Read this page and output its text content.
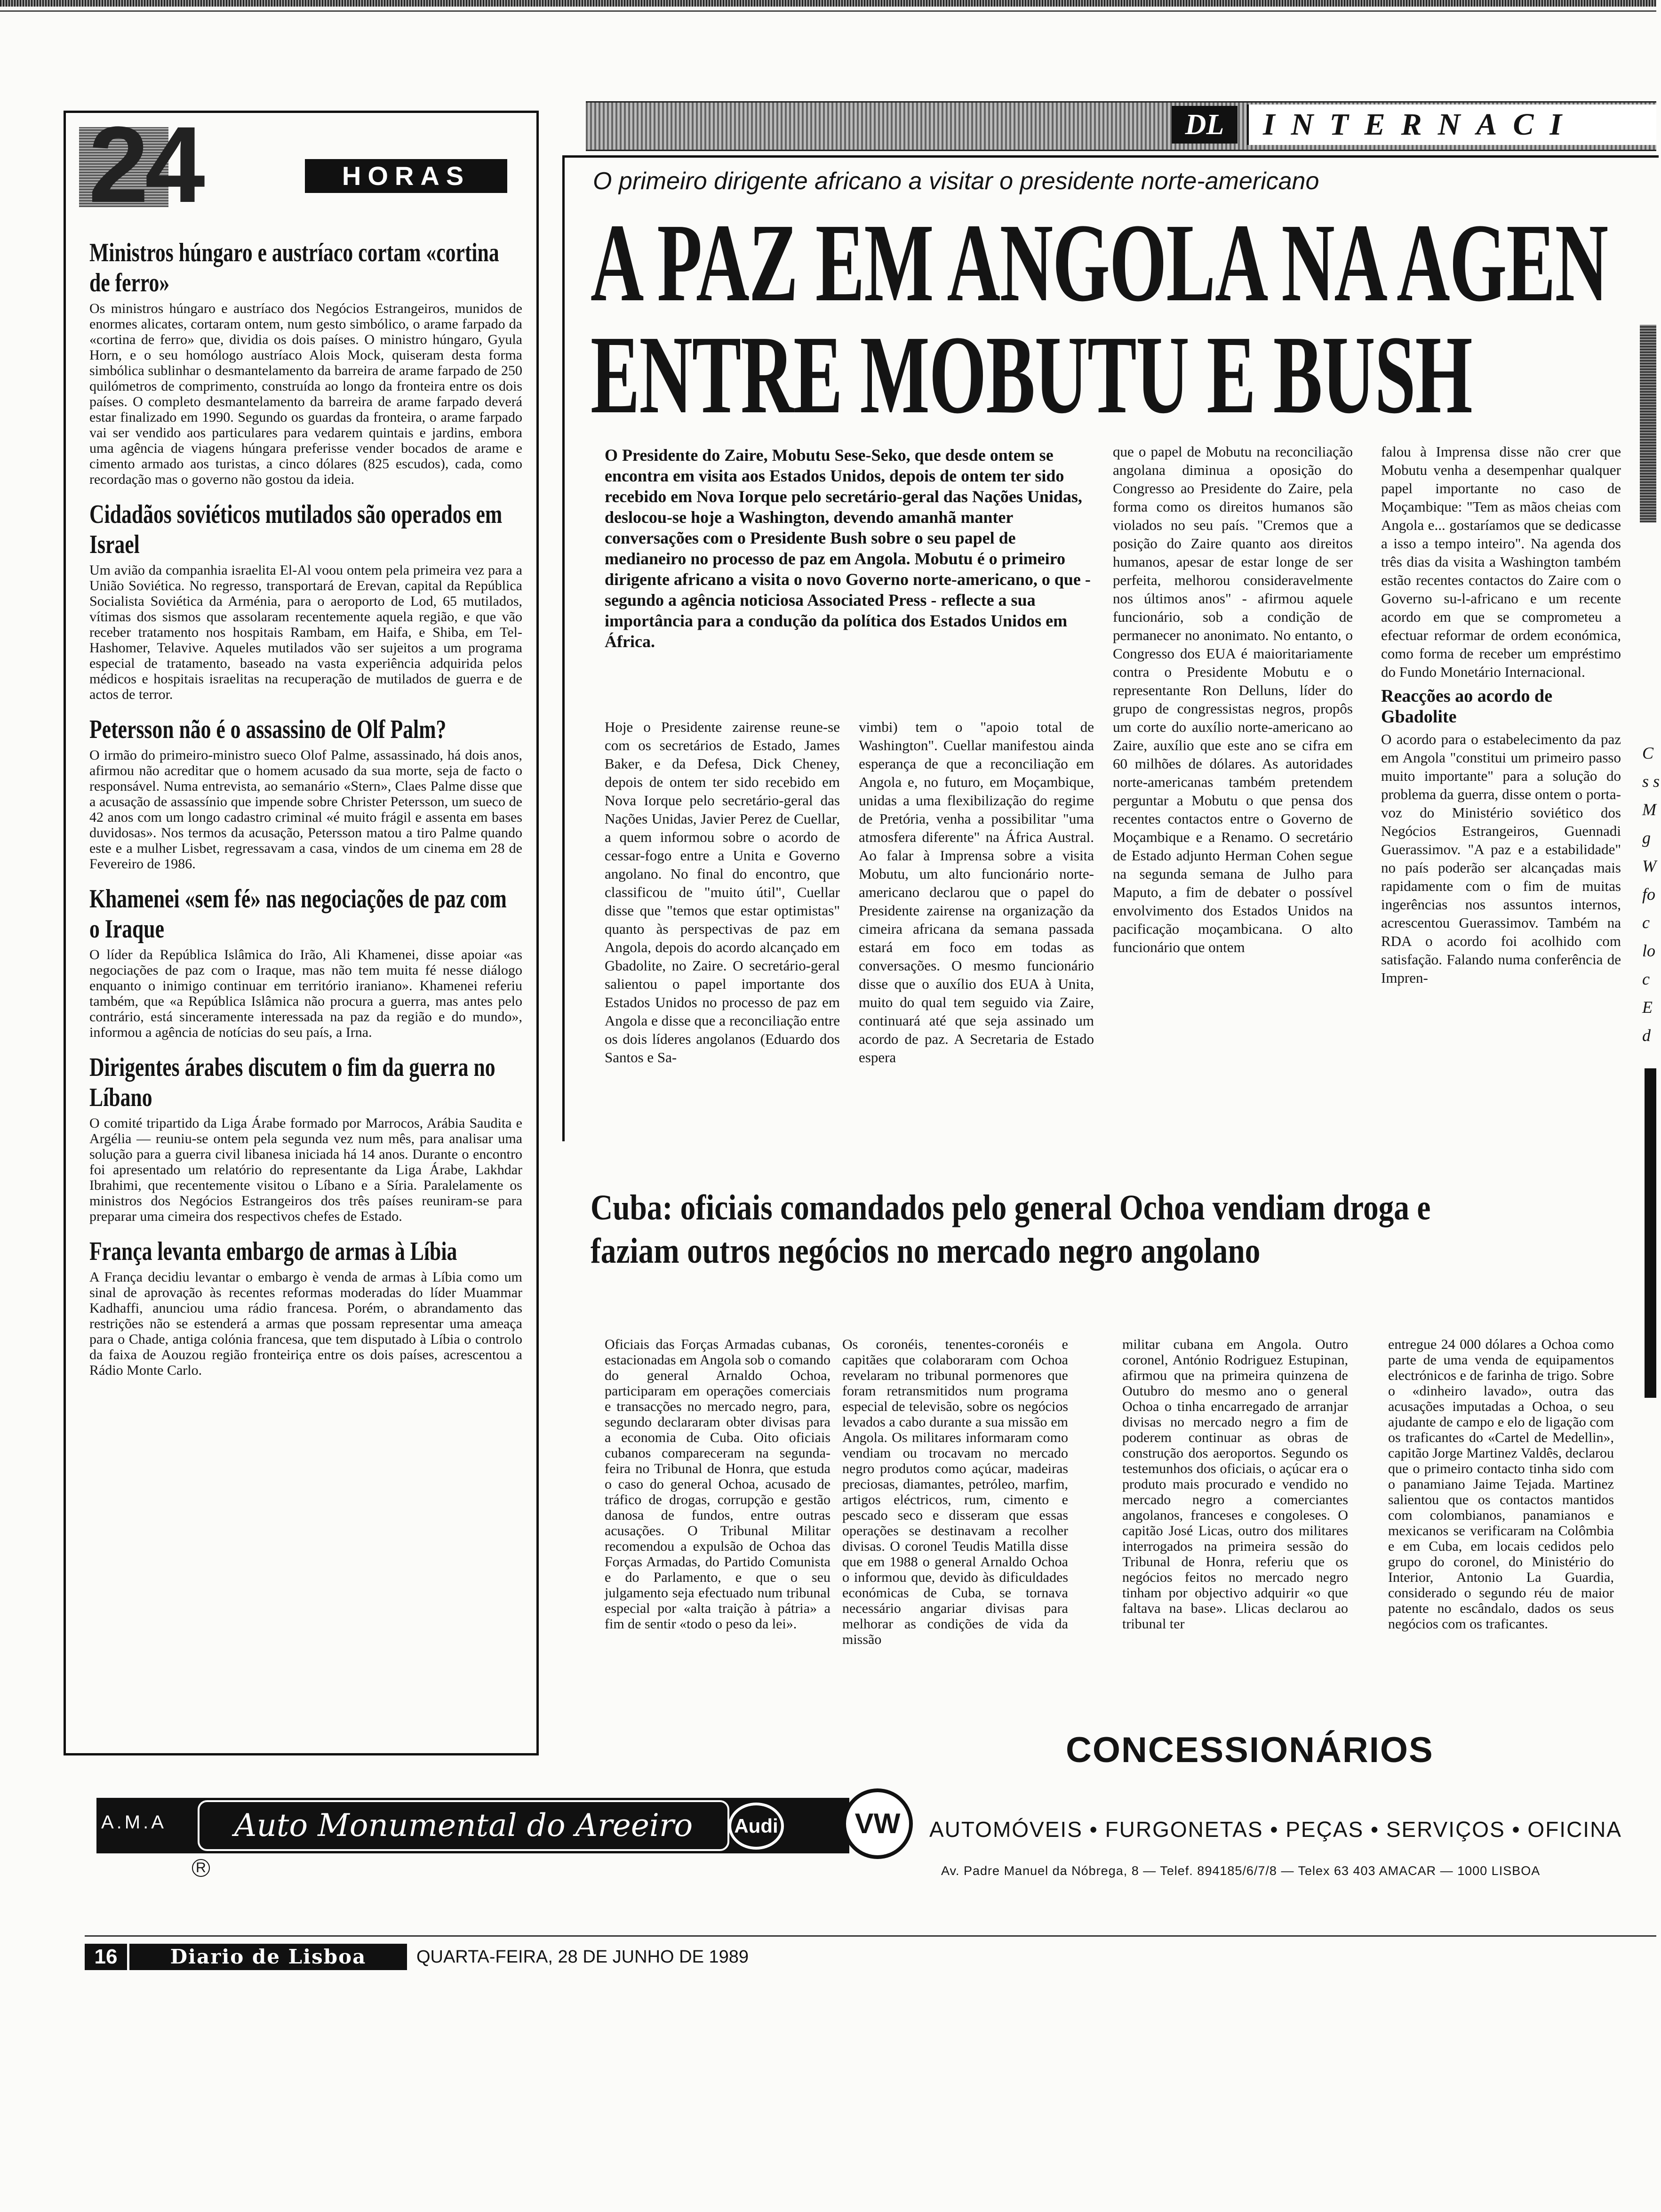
24	HORAS
Ministros húngaro e austríaco cortam «cortina de ferro»

Os ministros húngaro e austríaco dos Negócios Estrangeiros, munidos de enormes alicates, cortaram ontem, num gesto simbólico, o arame farpado da «cortina de ferro» que, dividia os dois países. O ministro húngaro, Gyula Horn, e o seu homólogo austríaco Alois Mock, quiseram desta forma simbólica sublinhar o desmantelamento da barreira de arame farpado de 250 quilómetros de comprimento, construída ao longo da fronteira entre os dois países. O completo desmantelamento da barreira de arame farpado deverá estar finalizado em 1990. Segundo os guardas da fronteira, o arame farpado vai ser vendido aos particulares para vedarem quintais e jardins, embora uma agência de viagens húngara preferisse vender bocados de arame e cimento armado aos turistas, a cinco dólares (825 escudos), cada, como recordação mas o governo não gostou da ideia.

Cidadãos soviéticos mutilados são operados em Israel

Um avião da companhia israelita El-Al voou ontem pela primeira vez para a União Soviética. No regresso, transportará de Erevan, capital da República Socialista Soviética da Arménia, para o aeroporto de Lod, 65 mutilados, vítimas dos sismos que assolaram recentemente aquela região, e que vão receber tratamento nos hospitais Rambam, em Haifa, e Shiba, em Tel-Hashomer, Telavive. Aqueles mutilados vão ser sujeitos a um programa especial de tratamento, baseado na vasta experiência adquirida pelos médicos e hospitais israelitas na recuperação de mutilados de guerra e de actos de terror.

Petersson não é o assassino de Olf Palm?

O irmão do primeiro-ministro sueco Olof Palme, assassinado, há dois anos, afirmou não acreditar que o homem acusado da sua morte, seja de facto o responsável. Numa entrevista, ao semanário «Stern», Claes Palme disse que a acusação de assassínio que impende sobre Christer Petersson, um sueco de 42 anos com um longo cadastro criminal «é muito frágil e assenta em bases duvidosas». Nos termos da acusação, Petersson matou a tiro Palme quando este e a mulher Lisbet, regressavam a casa, vindos de um cinema em 28 de Fevereiro de 1986.

Khamenei «sem fé» nas negociações de paz com o Iraque

O líder da República Islâmica do Irão, Ali Khamenei, disse apoiar «as negociações de paz com o Iraque, mas não tem muita fé nesse diálogo enquanto o inimigo continuar em território iraniano». Khamenei referiu também, que «a República Islâmica não procura a guerra, mas antes pelo contrário, está sinceramente interessada na paz da região e do mundo», informou a agência de notícias do seu país, a Irna.

Dirigentes árabes discutem o fim da guerra no Líbano

O comité tripartido da Liga Árabe formado por Marrocos, Arábia Saudita e Argélia — reuniu-se ontem pela segunda vez num mês, para analisar uma solução para a guerra civil libanesa iniciada há 14 anos. Durante o encontro foi apresentado um relatório do representante da Liga Árabe, Lakhdar Ibrahimi, que recentemente visitou o Líbano e a Síria. Paralelamente os ministros dos Negócios Estrangeiros dos três países reuniram-se para preparar uma cimeira dos respectivos chefes de Estado.

França levanta embargo de armas à Líbia

A França decidiu levantar o embargo è venda de armas à Líbia como um sinal de aprovação às recentes reformas moderadas do líder Muammar Kadhaffi, anunciou uma rádio francesa. Porém, o abrandamento das restrições não se estenderá a armas que possam representar uma ameaça para o Chade, antiga colónia francesa, que tem disputado à Líbia o controlo da faixa de Aouzou região fronteiriça entre os dois países, acrescentou a Rádio Monte Carlo.

DL	INTERNACI
O primeiro dirigente africano a visitar o presidente norte-americano
A PAZ EM ANGOLA NA AGEN
ENTRE MOBUTU E BUSH
O Presidente do Zaire, Mobutu Sese-Seko, que desde ontem se encontra em visita aos Estados Unidos, depois de ontem ter sido recebido em Nova Iorque pelo secretário-geral das Nações Unidas, deslocou-se hoje a Washington, devendo amanhã manter conversações com o Presidente Bush sobre o seu papel de medianeiro no processo de paz em Angola. Mobutu é o primeiro dirigente africano a visita o novo Governo norte-americano, o que - segundo a agência noticiosa Associated Press - reflecte a sua importância para a condução da política dos Estados Unidos em África.

Hoje o Presidente zairense reune-se com os secretários de Estado, James Baker, e da Defesa, Dick Cheney, depois de ontem ter sido recebido em Nova Iorque pelo secretário-geral das Nações Unidas, Javier Perez de Cuellar, a quem informou sobre o acordo de cessar-fogo entre a Unita e Governo angolano. No final do encontro, que classificou de "muito útil", Cuellar disse que "temos que estar optimistas" quanto às perspectivas de paz em Angola, depois do acordo alcançado em Gbadolite, no Zaire. O secretário-geral salientou o papel importante dos Estados Unidos no processo de paz em Angola e disse que a reconciliação entre os dois líderes angolanos (Eduardo dos Santos e Sa-

vimbi) tem o "apoio total de Washington". Cuellar manifestou ainda esperança de que a reconciliação em Angola e, no futuro, em Moçambique, unidas a uma flexibilização do regime de Pretória, venha a possibilitar "uma atmosfera diferente" na África Austral. Ao falar à Imprensa sobre a visita Mobutu, um alto funcionário norte-americano declarou que o papel do Presidente zairense na organização da cimeira africana da semana passada estará em foco em todas as conversações. O mesmo funcionário disse que o auxílio dos EUA à Unita, muito do qual tem seguido via Zaire, continuará até que seja assinado um acordo de paz. A Secretaria de Estado espera

que o papel de Mobutu na reconciliação angolana diminua a oposição do Congresso ao Presidente do Zaire, pela forma como os direitos humanos são violados no seu país. "Cremos que a posição do Zaire quanto aos direitos humanos, apesar de estar longe de ser perfeita, melhorou consideravelmente nos últimos anos" - afirmou aquele funcionário, sob a condição de permanecer no anonimato. No entanto, o Congresso dos EUA é maioritariamente contra o Presidente Mobutu e o representante Ron Delluns, líder do grupo de congressistas negros, propôs um corte do auxílio norte-americano ao Zaire, auxílio que este ano se cifra em 60 milhões de dólares. As autoridades norte-americanas também pretendem perguntar a Mobutu o que pensa dos recentes contactos entre o Governo de Moçambique e a Renamo. O secretário de Estado adjunto Herman Cohen segue na segunda semana de Julho para Maputo, a fim de debater o possível envolvimento dos Estados Unidos na pacificação moçambicana. O alto funcionário que ontem

falou à Imprensa disse não crer que Mobutu venha a desempenhar qualquer papel importante no caso de Moçambique: "Tem as mãos cheias com Angola e... gostaríamos que se dedicasse a isso a tempo inteiro". Na agenda dos três dias da visita a Washington também estão recentes contactos do Zaire com o Governo su-l-africano e um recente acordo em que se comprometeu a efectuar reformar de ordem económica, como forma de receber um empréstimo do Fundo Monetário Internacional.

Reacções ao acordo de Gbadolite

O acordo para o estabelecimento da paz em Angola "constitui um primeiro passo muito importante" para a solução do problema da guerra, disse ontem o porta-voz do Ministério soviético dos Negócios Estrangeiros, Guennadi Guerassimov. "A paz e a estabilidade" no país poderão ser alcançadas mais rapidamente com o fim de muitas ingerências nos assuntos internos, acrescentou Guerassimov. Também na RDA o acordo foi acolhido com satisfação. Falando numa conferência de Impren-

C s s M g W fo c lo c E d
Cuba: oficiais comandados pelo general Ochoa vendiam droga e faziam outros negócios no mercado negro angolano

Oficiais das Forças Armadas cubanas, estacionadas em Angola sob o comando do general Arnaldo Ochoa, participaram em operações comerciais e transacções no mercado negro, para, segundo declararam obter divisas para a economia de Cuba. Oito oficiais cubanos compareceram na segunda-feira no Tribunal de Honra, que estuda o caso do general Ochoa, acusado de tráfico de drogas, corrupção e gestão danosa de fundos, entre outras acusações. O Tribunal Militar recomendou a expulsão de Ochoa das Forças Armadas, do Partido Comunista e do Parlamento, e que o seu julgamento seja efectuado num tribunal especial por «alta traição à pátria» a fim de sentir «todo o peso da lei».

Os coronéis, tenentes-coronéis e capitães que colaboraram com Ochoa revelaram no tribunal pormenores que foram retransmitidos num programa especial de televisão, sobre os negócios levados a cabo durante a sua missão em Angola. Os militares informaram como vendiam ou trocavam no mercado negro produtos como açúcar, madeiras preciosas, diamantes, petróleo, marfim, artigos eléctricos, rum, cimento e pescado seco e disseram que essas operações se destinavam a recolher divisas. O coronel Teudis Matilla disse que em 1988 o general Arnaldo Ochoa o informou que, devido às dificuldades económicas de Cuba, se tornava necessário angariar divisas para melhorar as condições de vida da missão

militar cubana em Angola. Outro coronel, António Rodriguez Estupinan, afirmou que na primeira quinzena de Outubro do mesmo ano o general Ochoa o tinha encarregado de arranjar divisas no mercado negro a fim de poderem continuar as obras de construção dos aeroportos. Segundo os testemunhos dos oficiais, o açúcar era o produto mais procurado e vendido no mercado negro a comerciantes angolanos, franceses e congoleses. O capitão José Licas, outro dos militares interrogados na primeira sessão do Tribunal de Honra, referiu que os negócios feitos no mercado negro tinham por objectivo adquirir «o que faltava na base». Llicas declarou ao tribunal ter

entregue 24 000 dólares a Ochoa como parte de uma venda de equipamentos electrónicos e de farinha de trigo. Sobre o «dinheiro lavado», outra das acusações imputadas a Ochoa, o seu ajudante de campo e elo de ligação com os traficantes do «Cartel de Medellin», capitão Jorge Martinez Valdês, declarou que o primeiro contacto tinha sido com o panamiano Jaime Tejada. Martinez salientou que os contactos mantidos com colombianos, panamianos e mexicanos se verificaram na Colômbia e em Cuba, em locais cedidos pelo grupo do coronel, do Ministério do Interior, Antonio La Guardia, considerado o segundo réu de maior patente no escândalo, dados os seus negócios com os traficantes.

A.M.A	Auto Monumental do Areeiro	Audi	VW
R
CONCESSIONÁRIOS
AUTOMÓVEIS • FURGONETAS • PEÇAS • SERVIÇOS • OFICINA
Av. Padre Manuel da Nóbrega, 8 — Telef. 894185/6/7/8 — Telex 63 403 AMACAR — 1000 LISBOA
16	Diario de Lisboa	QUARTA-FEIRA, 28 DE JUNHO DE 1989
